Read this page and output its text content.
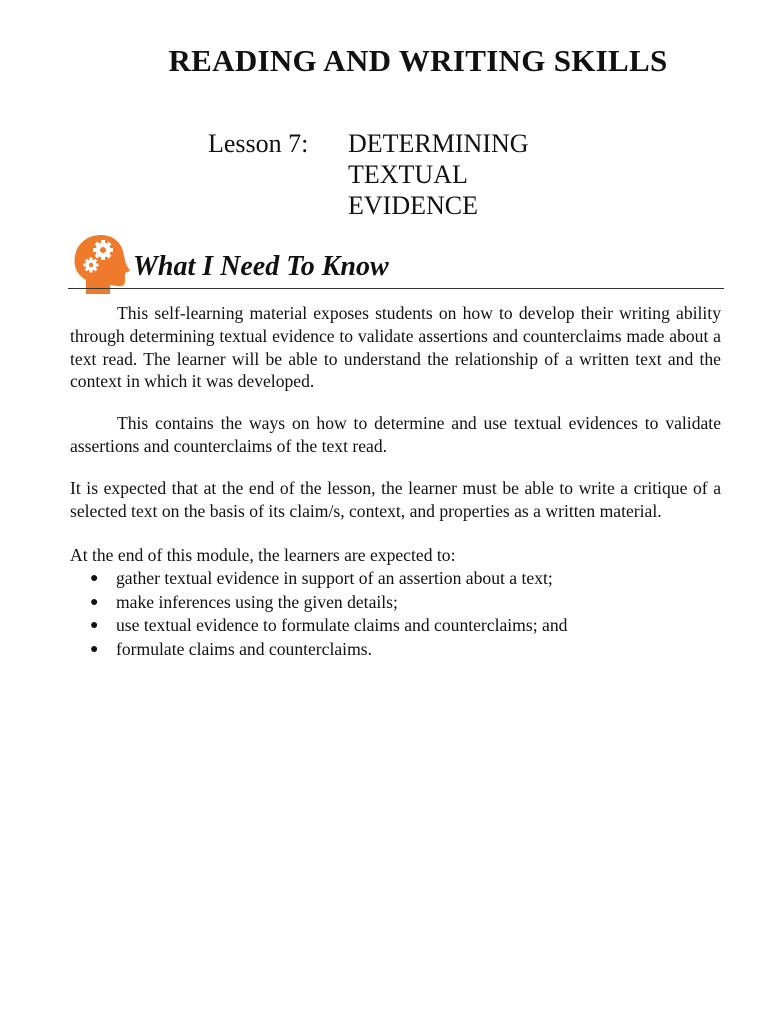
READING AND WRITING SKILLS
Lesson 7: DETERMINING TEXTUAL EVIDENCE
What I Need To Know

This self-learning material exposes students on how to develop their writing ability through determining textual evidence to validate assertions and counterclaims made about a text read. The learner will be able to understand the relationship of a written text and the context in which it was developed.

This contains the ways on how to determine and use textual evidences to validate assertions and counterclaims of the text read.

It is expected that at the end of the lesson, the learner must be able to write a critique of a selected text on the basis of its claim/s, context, and properties as a written material.

At the end of this module, the learners are expected to:

● gather textual evidence in support of an assertion about a text;
● make inferences using the given details;
● use textual evidence to formulate claims and counterclaims; and
● formulate claims and counterclaims.
